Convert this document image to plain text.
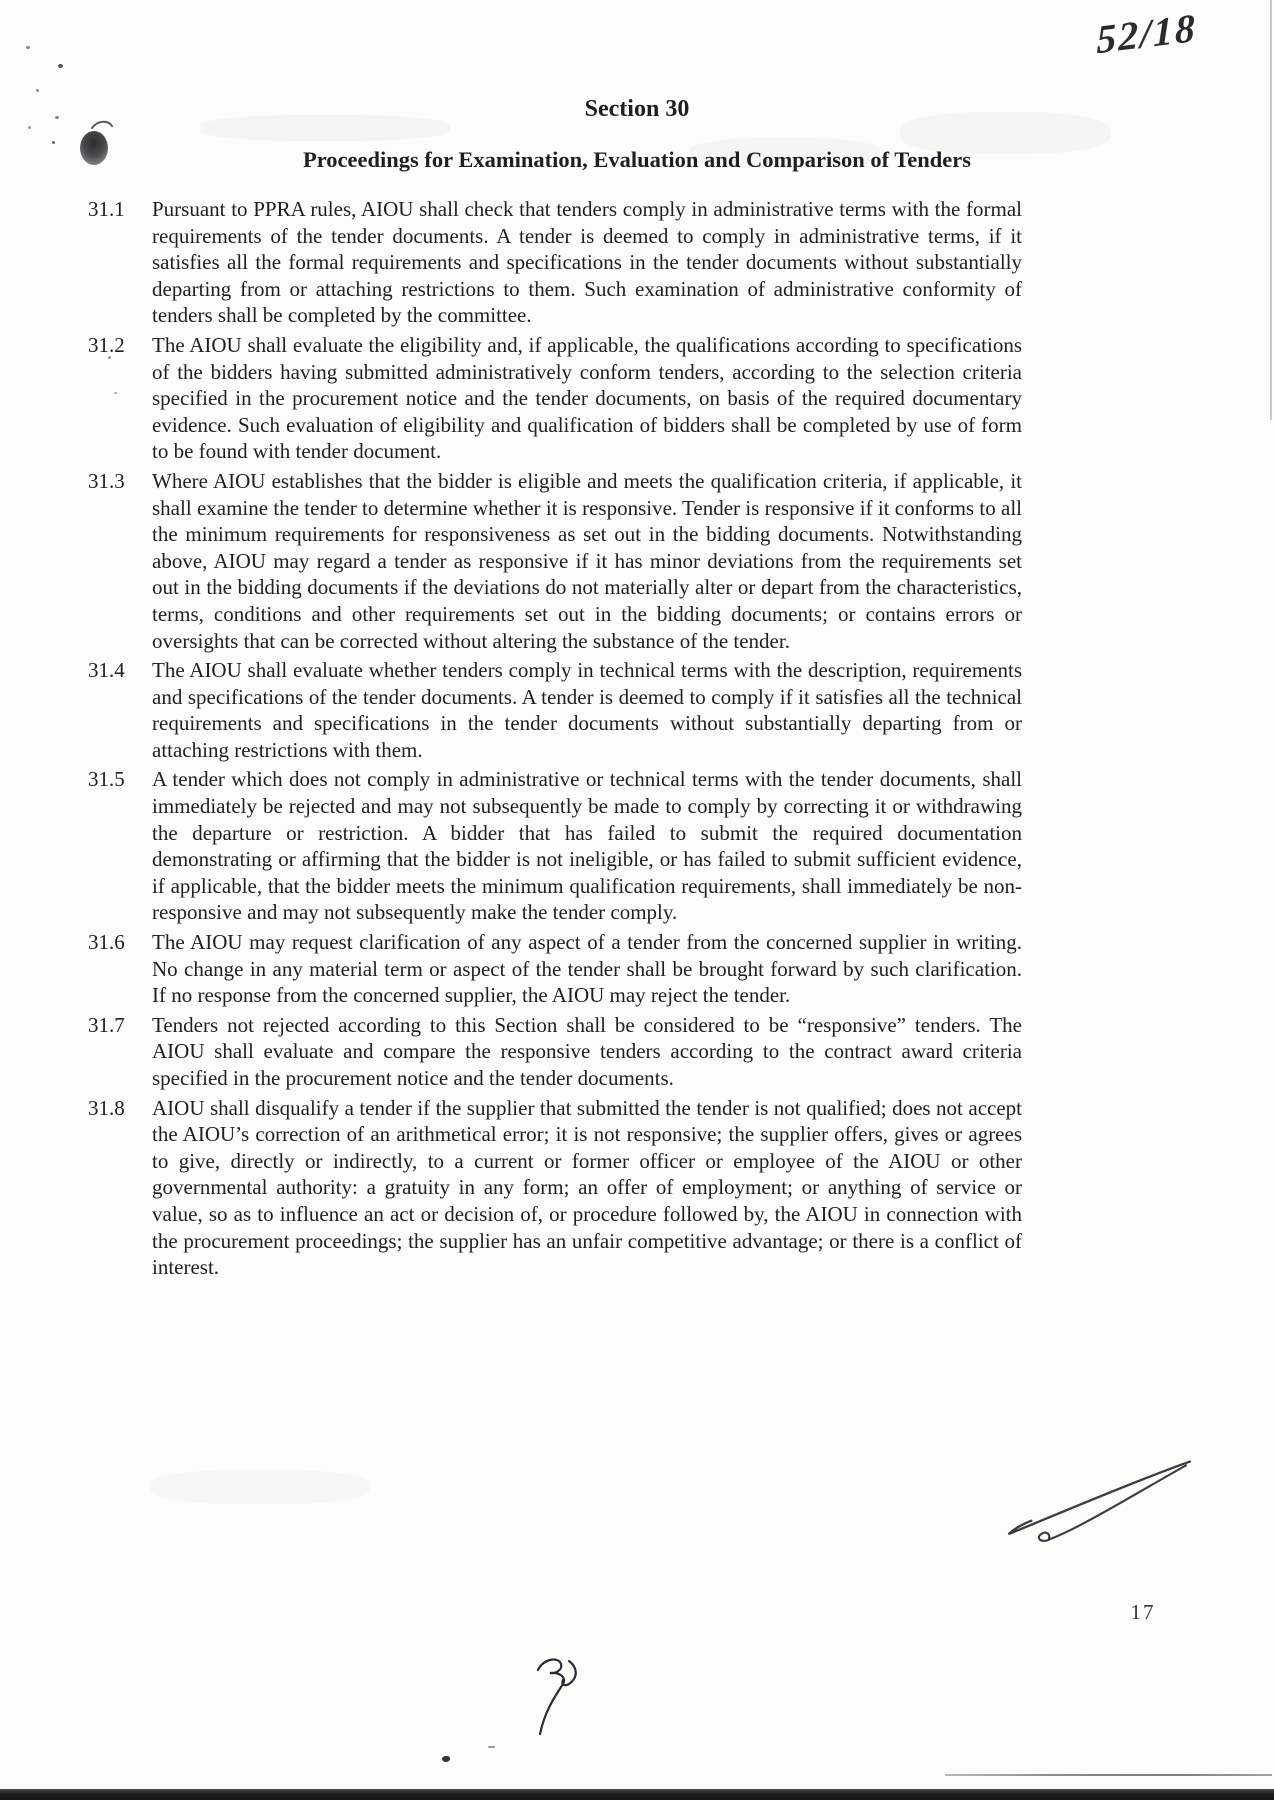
52/18
Section 30
Proceedings for Examination, Evaluation and Comparison of Tenders
31.1	Pursuant to PPRA rules, AIOU shall check that tenders comply in administrative terms with the formal requirements of the tender documents. A tender is deemed to comply in administrative terms, if it satisfies all the formal requirements and specifications in the tender documents without substantially departing from or attaching restrictions to them. Such examination of administrative conformity of tenders shall be completed by the committee.
31.2	The AIOU shall evaluate the eligibility and, if applicable, the qualifications according to specifications of the bidders having submitted administratively conform tenders, according to the selection criteria specified in the procurement notice and the tender documents, on basis of the required documentary evidence. Such evaluation of eligibility and qualification of bidders shall be completed by use of form to be found with tender document.
31.3	Where AIOU establishes that the bidder is eligible and meets the qualification criteria, if applicable, it shall examine the tender to determine whether it is responsive. Tender is responsive if it conforms to all the minimum requirements for responsiveness as set out in the bidding documents. Notwithstanding above, AIOU may regard a tender as responsive if it has minor deviations from the requirements set out in the bidding documents if the deviations do not materially alter or depart from the characteristics, terms, conditions and other requirements set out in the bidding documents; or contains errors or oversights that can be corrected without altering the substance of the tender.
31.4	The AIOU shall evaluate whether tenders comply in technical terms with the description, requirements and specifications of the tender documents. A tender is deemed to comply if it satisfies all the technical requirements and specifications in the tender documents without substantially departing from or attaching restrictions with them.
31.5	A tender which does not comply in administrative or technical terms with the tender documents, shall immediately be rejected and may not subsequently be made to comply by correcting it or withdrawing the departure or restriction. A bidder that has failed to submit the required documentation demonstrating or affirming that the bidder is not ineligible, or has failed to submit sufficient evidence, if applicable, that the bidder meets the minimum qualification requirements, shall immediately be non-responsive and may not subsequently make the tender comply.
31.6	The AIOU may request clarification of any aspect of a tender from the concerned supplier in writing. No change in any material term or aspect of the tender shall be brought forward by such clarification. If no response from the concerned supplier, the AIOU may reject the tender.
31.7	Tenders not rejected according to this Section shall be considered to be “responsive” tenders. The AIOU shall evaluate and compare the responsive tenders according to the contract award criteria specified in the procurement notice and the tender documents.
31.8	AIOU shall disqualify a tender if the supplier that submitted the tender is not qualified; does not accept the AIOU’s correction of an arithmetical error; it is not responsive; the supplier offers, gives or agrees to give, directly or indirectly, to a current or former officer or employee of the AIOU or other governmental authority: a gratuity in any form; an offer of employment; or anything of service or value, so as to influence an act or decision of, or procedure followed by, the AIOU in connection with the procurement proceedings; the supplier has an unfair competitive advantage; or there is a conflict of interest.
17
